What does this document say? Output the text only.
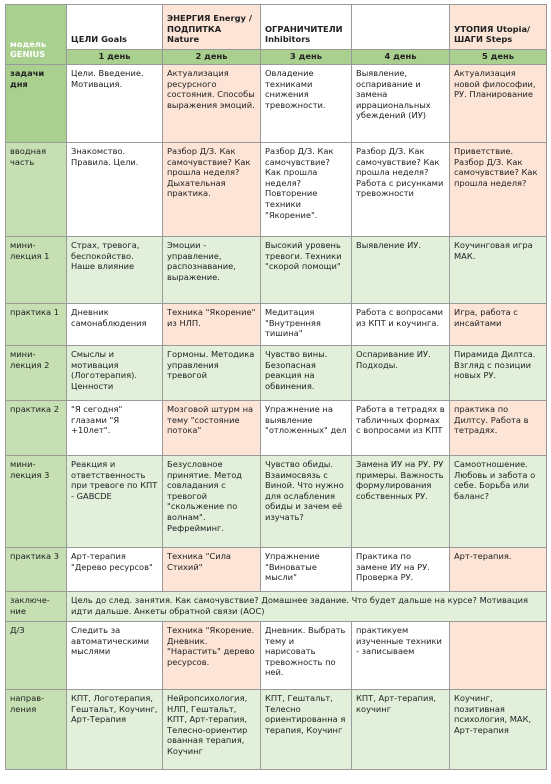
модель GENIUS	ЦЕЛИ Goals	ЭНЕРГИЯ Energy / ПОДПИТКА Nature	ОГРАНИЧИТЕЛИ Inhibitors		УТОПИЯ Utopia/ ШАГИ Steps
	1 день	2 день	3 день	4 день	5 день
задачи дня	Цели. Введение. Мотивация.	Актуализация ресурсного состояния. Способы выражения эмоций.	Овладение техниками снижения тревожности.	Выявление, оспаривание и замена иррациональных убеждений (ИУ)	Актуализация новой философии, РУ. Планирование
вводная часть	Знакомство. Правила. Цели.	Разбор Д/З. Как самочувствие? Как прошла неделя? Дыхательная практика.	Разбор Д/З. Как самочувствие? Как прошла неделя? Повторение техники "Якорение".	Разбор Д/З. Как самочувствие? Как прошла неделя? Работа с рисунками тревожности	Приветствие. Разбор Д/З. Как самочувствие? Как прошла неделя?
мини-лекция 1	Страх, тревога, беспокойство. Наше влияние	Эмоции - управление, распознавание, выражение.	Высокий уровень тревоги. Техники "скорой помощи"	Выявление ИУ.	Коучинговая игра МАК.
практика 1	Дневник самонаблюдения	Техника "Якорение" из НЛП.	Медитация "Внутренняя тишина"	Работа с вопросами из КПТ и коучинга.	Игра, работа с инсайтами
мини-лекция 2	Смыслы и мотивация (Логотерапия). Ценности	Гормоны. Методика управления тревогой	Чувство вины. Безопасная реакция на обвинения.	Оспаривание ИУ. Подходы.	Пирамида Дилтса. Взгляд с позиции новых РУ.
практика 2	"Я сегодня" глазами "Я +10лет".	Мозговой штурм на тему "состояние потока"	Упражнение на выявление "отложенных" дел	Работа в тетрадях в табличных формах с вопросами из КПТ	практика по Дилтсу. Работа в тетрадях.
мини-лекция 3	Реакция и ответственность при тревоге по КПТ - GABCDE	Безусловное принятие. Метод совладания с тревогой "скольжение по волнам". Рефрейминг.	Чувство обиды. Взаимосвязь с Виной. Что нужно для ослабления обиды и зачем её изучать?	Замена ИУ на РУ. РУ примеры. Важность формулирования собственных РУ.	Самоотношение. Любовь и забота о себе. Борьба или баланс?
практика 3	Арт-терапия "Дерево ресурсов"	Техника "Сила Стихий"	Упражнение "Виноватые мысли"	Практика по замене ИУ на РУ. Проверка РУ.	Арт-терапия.
заключе-ние	Цель до след. занятия. Как самочувствие? Домашнее задание. Что будет дальше на курсе? Мотивация идти дальше. Анкеты обратной связи (АОС)				
Д/З	Следить за автоматическими мыслями	Техника "Якорение. Дневник. "Нарастить" дерево ресурсов.	Дневник. Выбрать тему и нарисовать тревожность по ней.	практикуем изученные техники - записываем	
направ-ления	КПТ, Логотерапия, Гештальт, Коучинг, Арт-Терапия	Нейропсихология, НЛП, Гештальт, КПТ, Арт-терапия, Телесно-ориентир ованная терапия, Коучинг	КПТ, Гештальт, Телесно ориентированна я терапия, Коучинг	КПТ, Арт-терапия, коучинг	Коучинг, позитивная психология, МАК, Арт-терапия
